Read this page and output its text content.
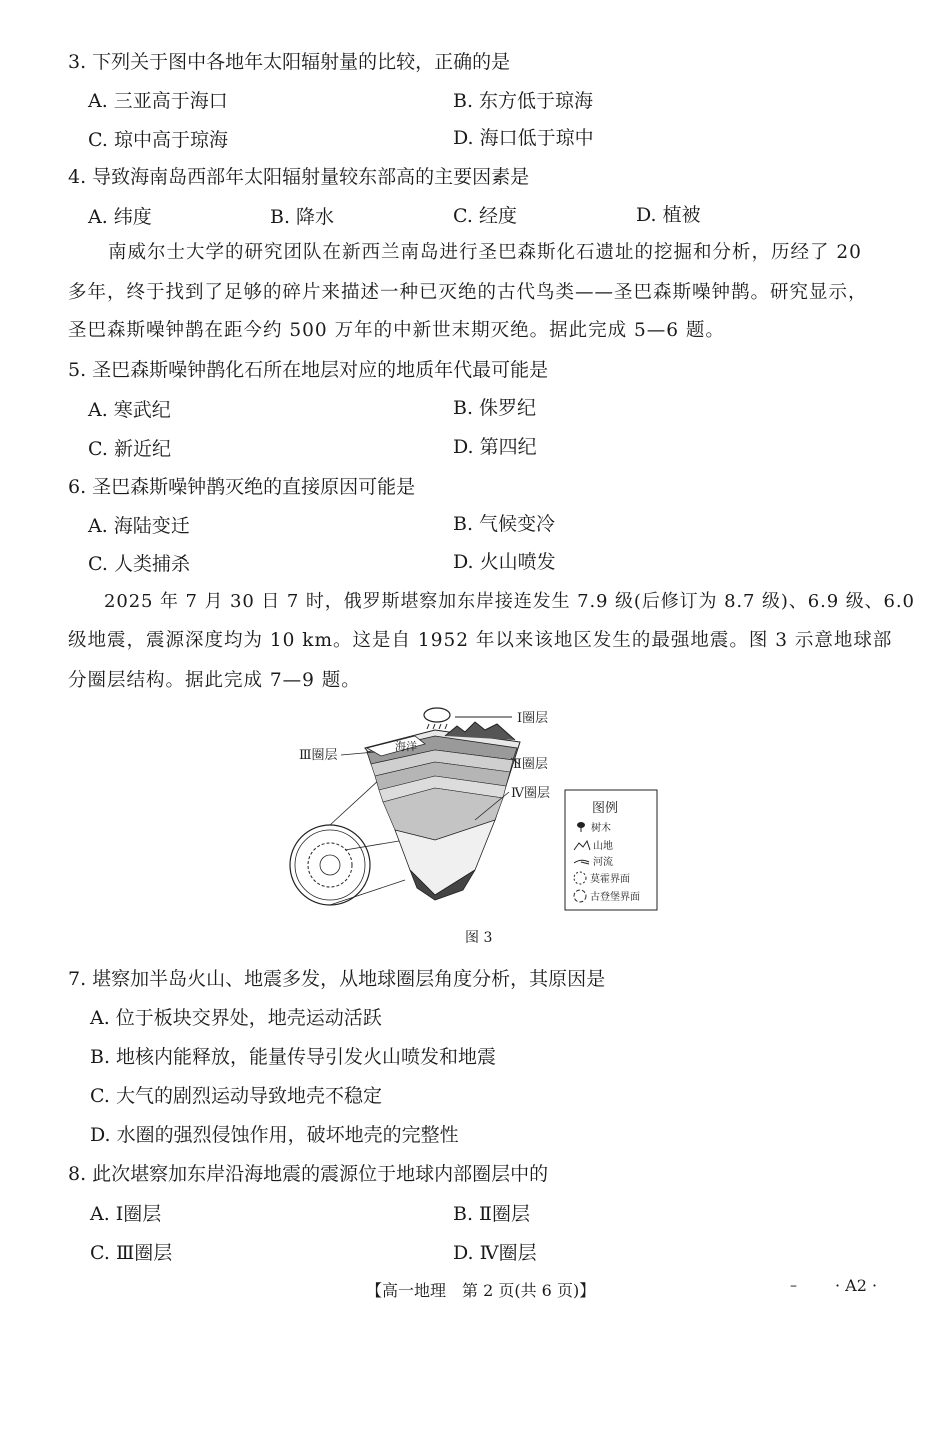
3. 下列关于图中各地年太阳辐射量的比较，正确的是
A. 三亚高于海口	B. 东方低于琼海
C. 琼中高于琼海	D. 海口低于琼中
4. 导致海南岛西部年太阳辐射量较东部高的主要因素是
A. 纬度	B. 降水	C. 经度	D. 植被
南威尔士大学的研究团队在新西兰南岛进行圣巴森斯化石遗址的挖掘和分析，历经了 20
多年，终于找到了足够的碎片来描述一种已灭绝的古代鸟类——圣巴森斯噪钟鹊。研究显示，
圣巴森斯噪钟鹊在距今约 500 万年的中新世末期灭绝。据此完成 5—6 题。
5. 圣巴森斯噪钟鹊化石所在地层对应的地质年代最可能是
A. 寒武纪	B. 侏罗纪
C. 新近纪	D. 第四纪
6. 圣巴森斯噪钟鹊灭绝的直接原因可能是
A. 海陆变迁	B. 气候变冷
C. 人类捕杀	D. 火山喷发
2025 年 7 月 30 日 7 时，俄罗斯堪察加东岸接连发生 7.9 级(后修订为 8.7 级)、6.9 级、6.0
级地震，震源深度均为 10 km。这是自 1952 年以来该地区发生的最强地震。图 3 示意地球部
分圈层结构。据此完成 7—9 题。
海洋
Ⅰ圈层
Ⅲ圈层
Ⅱ圈层
Ⅳ圈层
图例
树木
山地
河流
莫霍界面
古登堡界面
图 3
7. 堪察加半岛火山、地震多发，从地球圈层角度分析，其原因是
A. 位于板块交界处，地壳运动活跃
B. 地核内能释放，能量传导引发火山喷发和地震
C. 大气的剧烈运动导致地壳不稳定
D. 水圈的强烈侵蚀作用，破坏地壳的完整性
8. 此次堪察加东岸沿海地震的震源位于地球内部圈层中的
A. Ⅰ圈层	B. Ⅱ圈层
C. Ⅲ圈层	D. Ⅳ圈层
【高一地理　第 2 页(共 6 页)】	– · A2 ·
